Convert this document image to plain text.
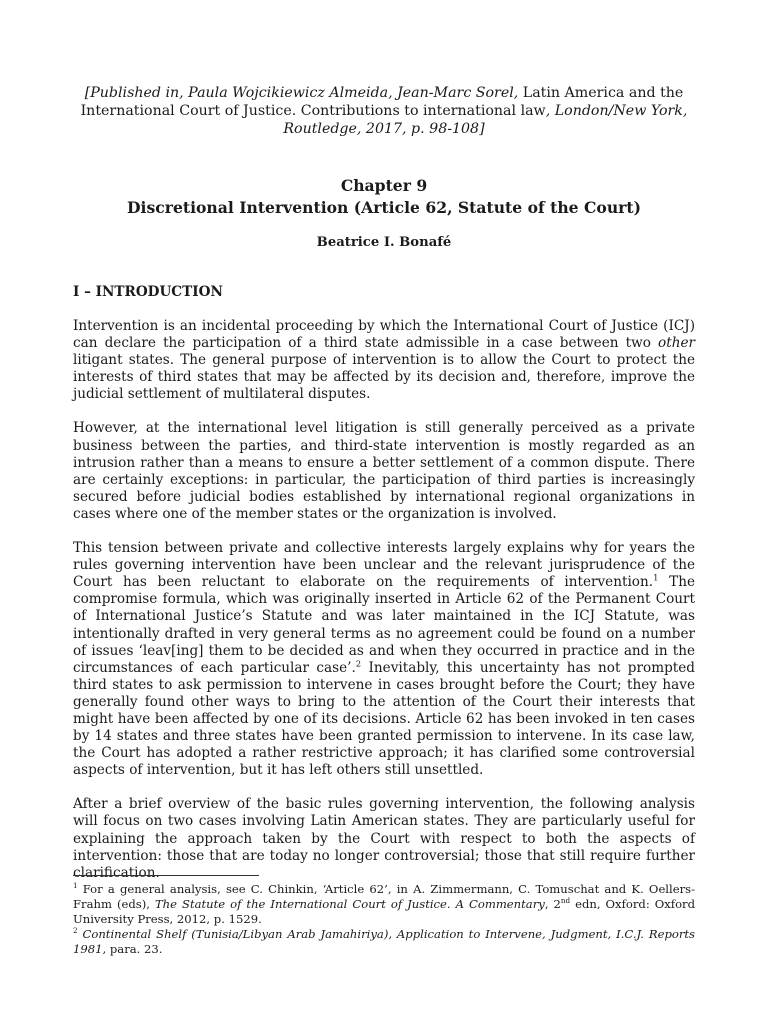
[Published in, Paula Wojcikiewicz Almeida, Jean-Marc Sorel, Latin America and the International Court of Justice. Contributions to international law, London/New York, Routledge, 2017, p. 98-108]
Chapter 9
Discretional Intervention (Article 62, Statute of the Court)
Beatrice I. Bonafé
I – INTRODUCTION

Intervention is an incidental proceeding by which the International Court of Justice (ICJ) can declare the participation of a third state admissible in a case between two other litigant states. The general purpose of intervention is to allow the Court to protect the interests of third states that may be affected by its decision and, therefore, improve the judicial settlement of multilateral disputes.

However, at the international level litigation is still generally perceived as a private business between the parties, and third-state intervention is mostly regarded as an intrusion rather than a means to ensure a better settlement of a common dispute. There are certainly exceptions: in particular, the participation of third parties is increasingly secured before judicial bodies established by international regional organizations in cases where one of the member states or the organization is involved.

This tension between private and collective interests largely explains why for years the rules governing intervention have been unclear and the relevant jurisprudence of the Court has been reluctant to elaborate on the requirements of intervention.$^1$ The compromise formula, which was originally inserted in Article 62 of the Permanent Court of International Justice’s Statute and was later maintained in the ICJ Statute, was intentionally drafted in very general terms as no agreement could be found on a number of issues ‘leav[ing] them to be decided as and when they occurred in practice and in the circumstances of each particular case’.$^2$ Inevitably, this uncertainty has not prompted third states to ask permission to intervene in cases brought before the Court; they have generally found other ways to bring to the attention of the Court their interests that might have been affected by one of its decisions. Article 62 has been invoked in ten cases by 14 states and three states have been granted permission to intervene. In its case law, the Court has adopted a rather restrictive approach; it has clarified some controversial aspects of intervention, but it has left others still unsettled.

After a brief overview of the basic rules governing intervention, the following analysis will focus on two cases involving Latin American states. They are particularly useful for explaining the approach taken by the Court with respect to both the aspects of intervention: those that are today no longer controversial; those that still require further clarification.

$^1$ For a general analysis, see C. Chinkin, ‘Article 62’, in A. Zimmermann, C. Tomuschat and K. Oellers-Frahm (eds), The Statute of the International Court of Justice. A Commentary, 2nd edn, Oxford: Oxford University Press, 2012, p. 1529.

$^2$ Continental Shelf (Tunisia/Libyan Arab Jamahiriya), Application to Intervene, Judgment, I.C.J. Reports 1981, para. 23.
